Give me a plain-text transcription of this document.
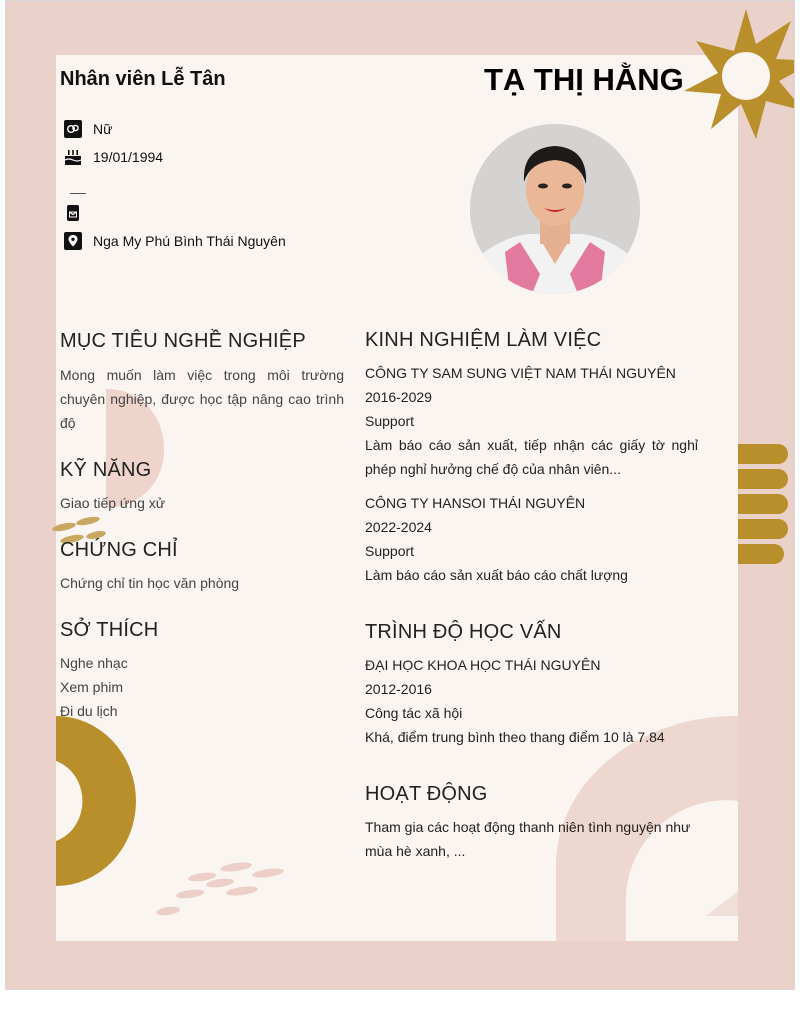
Nhân viên Lễ Tân	TẠ THỊ HẰNG
Nữ
19/01/1994
Nga My Phú Bình Thái Nguyên
MỤC TIÊU NGHỀ NGHIỆP
Mong muốn làm việc trong môi trường chuyên nghiệp, được học tập nâng cao trình độ
KỸ NĂNG
Giao tiếp ứng xử
CHỨNG CHỈ
Chứng chỉ tin học văn phòng
SỞ THÍCH
Nghe nhạc
Xem phim
Đi du lịch
KINH NGHIỆM LÀM VIỆC
CÔNG TY SAM SUNG VIỆT NAM THÁI NGUYÊN
2016-2029
Support
Làm báo cáo sản xuất, tiếp nhận các giấy tờ nghỉ phép nghỉ hưởng chế độ của nhân viên...
CÔNG TY HANSOI THÁI NGUYÊN
2022-2024
Support
Làm báo cáo sản xuất báo cáo chất lượng
TRÌNH ĐỘ HỌC VẤN
ĐẠI HỌC KHOA HỌC THÁI NGUYÊN
2012-2016
Công tác xã hội
Khá, điểm trung bình theo thang điểm 10 là 7.84
HOẠT ĐỘNG
Tham gia các hoạt động thanh niên tình nguyện như mùa hè xanh, ...
